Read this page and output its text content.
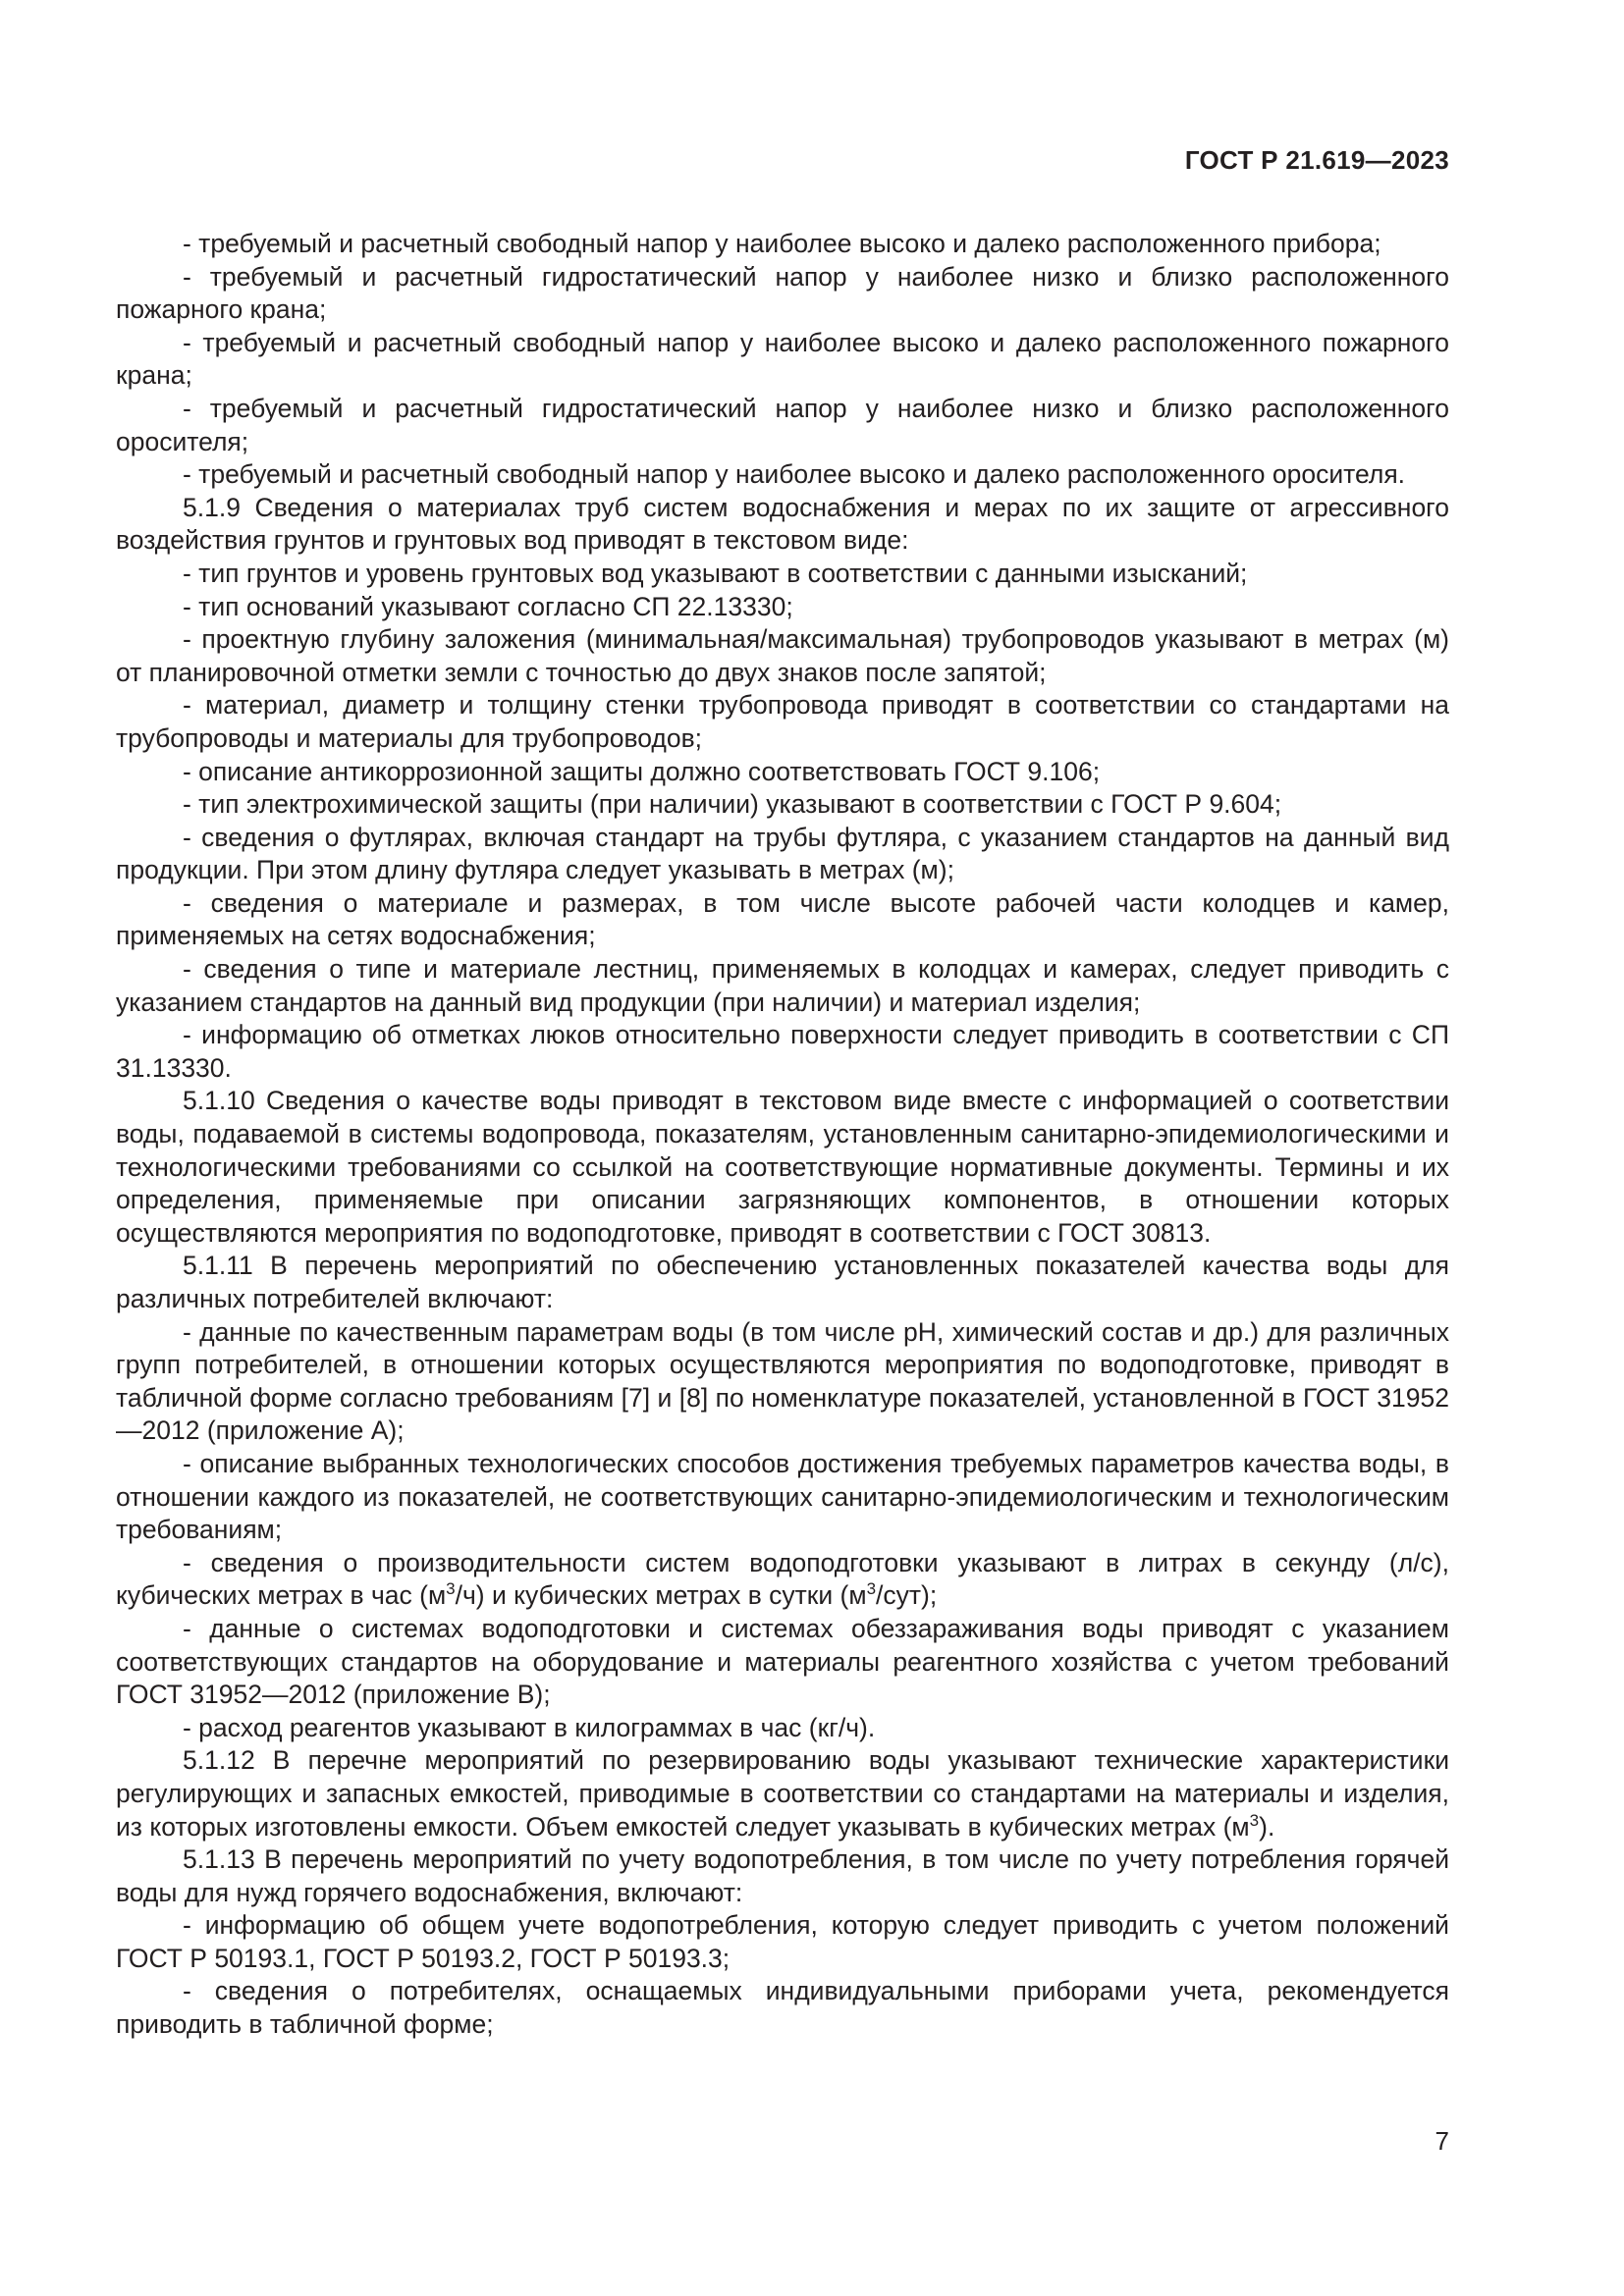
ГОСТ Р 21.619—2023

- требуемый и расчетный свободный напор у наиболее высоко и далеко расположенного прибора;

- требуемый и расчетный гидростатический напор у наиболее низко и близко расположенного пожарного крана;

- требуемый и расчетный свободный напор у наиболее высоко и далеко расположенного пожарного крана;

- требуемый и расчетный гидростатический напор у наиболее низко и близко расположенного оросителя;

- требуемый и расчетный свободный напор у наиболее высоко и далеко расположенного оросителя.

5.1.9 Сведения о материалах труб систем водоснабжения и мерах по их защите от агрессивного воздействия грунтов и грунтовых вод приводят в текстовом виде:

- тип грунтов и уровень грунтовых вод указывают в соответствии с данными изысканий;

- тип оснований указывают согласно СП 22.13330;

- проектную глубину заложения (минимальная/максимальная) трубопроводов указывают в метрах (м) от планировочной отметки земли с точностью до двух знаков после запятой;

- материал, диаметр и толщину стенки трубопровода приводят в соответствии со стандартами на трубопроводы и материалы для трубопроводов;

- описание антикоррозионной защиты должно соответствовать ГОСТ 9.106;

- тип электрохимической защиты (при наличии) указывают в соответствии с ГОСТ Р 9.604;

- сведения о футлярах, включая стандарт на трубы футляра, с указанием стандартов на данный вид продукции. При этом длину футляра следует указывать в метрах (м);

- сведения о материале и размерах, в том числе высоте рабочей части колодцев и камер, применяемых на сетях водоснабжения;

- сведения о типе и материале лестниц, применяемых в колодцах и камерах, следует приводить с указанием стандартов на данный вид продукции (при наличии) и материал изделия;

- информацию об отметках люков относительно поверхности следует приводить в соответствии с СП 31.13330.

5.1.10 Сведения о качестве воды приводят в текстовом виде вместе с информацией о соответствии воды, подаваемой в системы водопровода, показателям, установленным санитарно-эпидемиологическими и технологическими требованиями со ссылкой на соответствующие нормативные документы. Термины и их определения, применяемые при описании загрязняющих компонентов, в отношении которых осуществляются мероприятия по водоподготовке, приводят в соответствии с ГОСТ 30813.

5.1.11 В перечень мероприятий по обеспечению установленных показателей качества воды для различных потребителей включают:

- данные по качественным параметрам воды (в том числе pH, химический состав и др.) для различных групп потребителей, в отношении которых осуществляются мероприятия по водоподготовке, приводят в табличной форме согласно требованиям [7] и [8] по номенклатуре показателей, установленной в ГОСТ 31952—2012 (приложение А);

- описание выбранных технологических способов достижения требуемых параметров качества воды, в отношении каждого из показателей, не соответствующих санитарно-эпидемиологическим и технологическим требованиям;

- сведения о производительности систем водоподготовки указывают в литрах в секунду (л/с), кубических метрах в час $(м^3/ч)$ и кубических метрах в сутки $(м^3/сут)$;

- данные о системах водоподготовки и системах обеззараживания воды приводят с указанием соответствующих стандартов на оборудование и материалы реагентного хозяйства с учетом требований ГОСТ 31952—2012 (приложение В);

- расход реагентов указывают в килограммах в час (кг/ч).

5.1.12 В перечне мероприятий по резервированию воды указывают технические характеристики регулирующих и запасных емкостей, приводимые в соответствии со стандартами на материалы и изделия, из которых изготовлены емкости. Объем емкостей следует указывать в кубических метрах $(м^3)$.

5.1.13 В перечень мероприятий по учету водопотребления, в том числе по учету потребления горячей воды для нужд горячего водоснабжения, включают:

- информацию об общем учете водопотребления, которую следует приводить с учетом положений ГОСТ Р 50193.1, ГОСТ Р 50193.2, ГОСТ Р 50193.3;

- сведения о потребителях, оснащаемых индивидуальными приборами учета, рекомендуется приводить в табличной форме;

7
